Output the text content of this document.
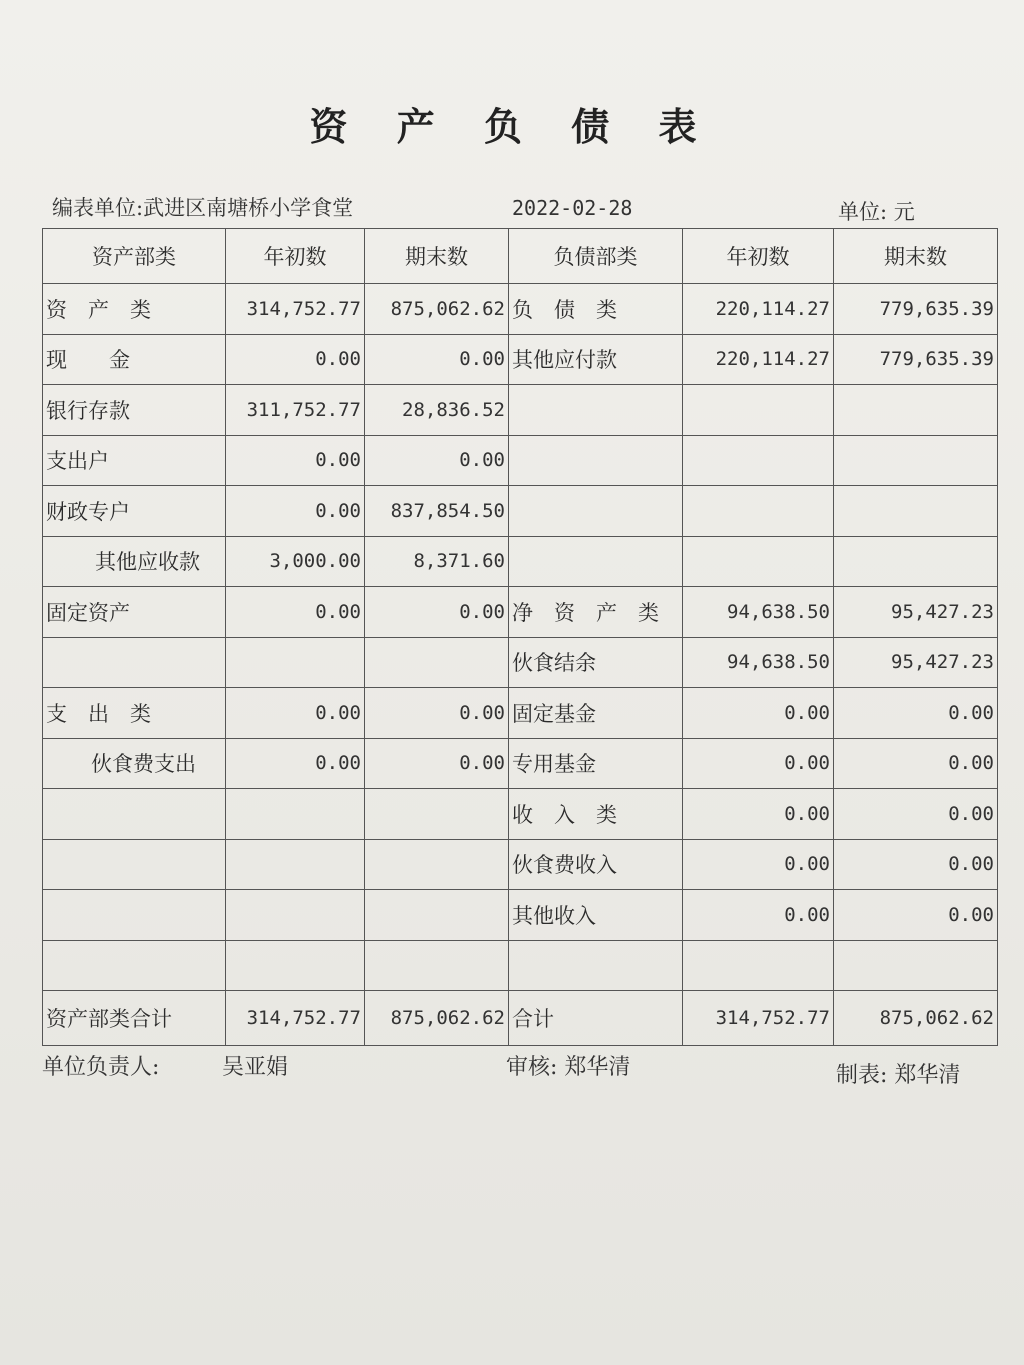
资 产 负 债 表
编表单位:武进区南塘桥小学食堂	2022-02-28	单位: 元
资产部类	年初数	期末数	负债部类	年初数	期末数
资　产　类	314,752.77	875,062.62	负　债　类	220,114.27	779,635.39
现　　金	0.00	0.00	其他应付款	220,114.27	779,635.39
银行存款	311,752.77	28,836.52			
支出户	0.00	0.00			
财政专户	0.00	837,854.50			
其他应收款	3,000.00	8,371.60			
固定资产	0.00	0.00	净　资　产　类	94,638.50	95,427.23
			伙食结余	94,638.50	95,427.23
支　出　类	0.00	0.00	固定基金	0.00	0.00
伙食费支出	0.00	0.00	专用基金	0.00	0.00
			收　入　类	0.00	0.00
			伙食费收入	0.00	0.00
			其他收入	0.00	0.00

资产部类合计	314,752.77	875,062.62	合计	314,752.77	875,062.62
单位负责人:	吴亚娟	审核: 郑华清	制表: 郑华清
